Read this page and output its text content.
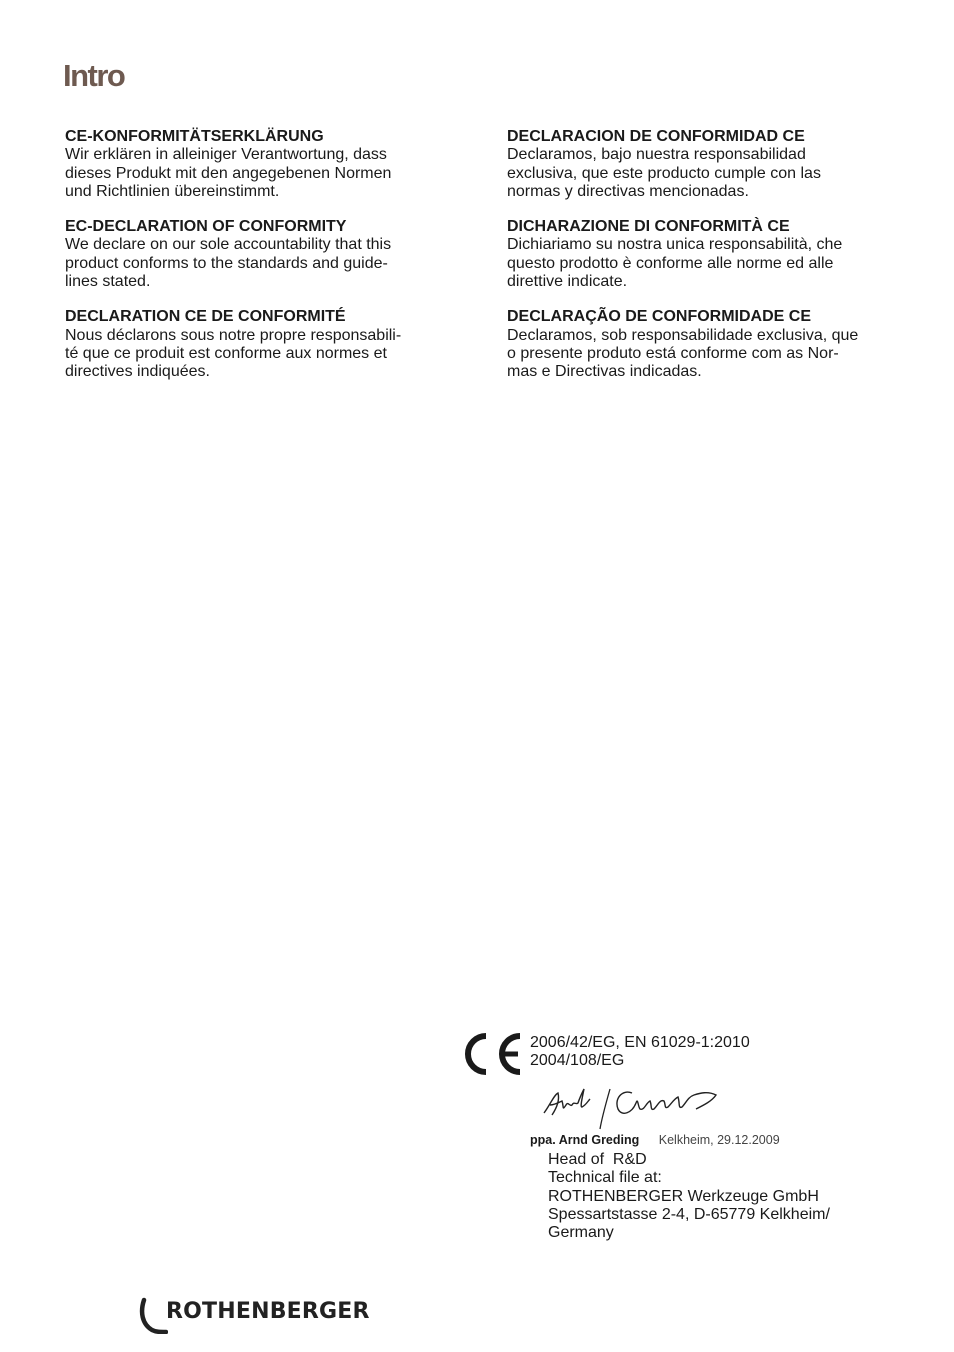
Intro
CE-KONFORMITÄTSERKLÄRUNG

Wir erklären in alleiniger Verantwortung, dass

dieses Produkt mit den angegebenen Normen

und Richtlinien übereinstimmt.

EC-DECLARATION OF CONFORMITY

We declare on our sole accountability that this

product conforms to the standards and guide-

lines stated.

DECLARATION CE DE CONFORMITÉ

Nous déclarons sous notre propre responsabili-

té que ce produit est conforme aux normes et

directives indiquées.

DECLARACION DE CONFORMIDAD CE

Declaramos, bajo nuestra responsabilidad

exclusiva, que este producto cumple con las

normas y directivas mencionadas.

DICHARAZIONE DI CONFORMITÀ CE

Dichiariamo su nostra unica responsabilità, che

questo prodotto è conforme alle norme ed alle

direttive indicate.

DECLARAÇÃO DE CONFORMIDADE CE

Declaramos, sob responsabilidade exclusiva, que

o presente produto está conforme com as Nor-

mas e Directivas indicadas.

2006/42/EG, EN 61029-1:2010
2004/108/EG
ppa. Arnd Greding Kelkheim, 29.12.2009
Head of  R&D
Technical file at:
ROTHENBERGER Werkzeuge GmbH
Spessartstasse 2-4, D-65779 Kelkheim/
Germany
ROTHENBERGER
